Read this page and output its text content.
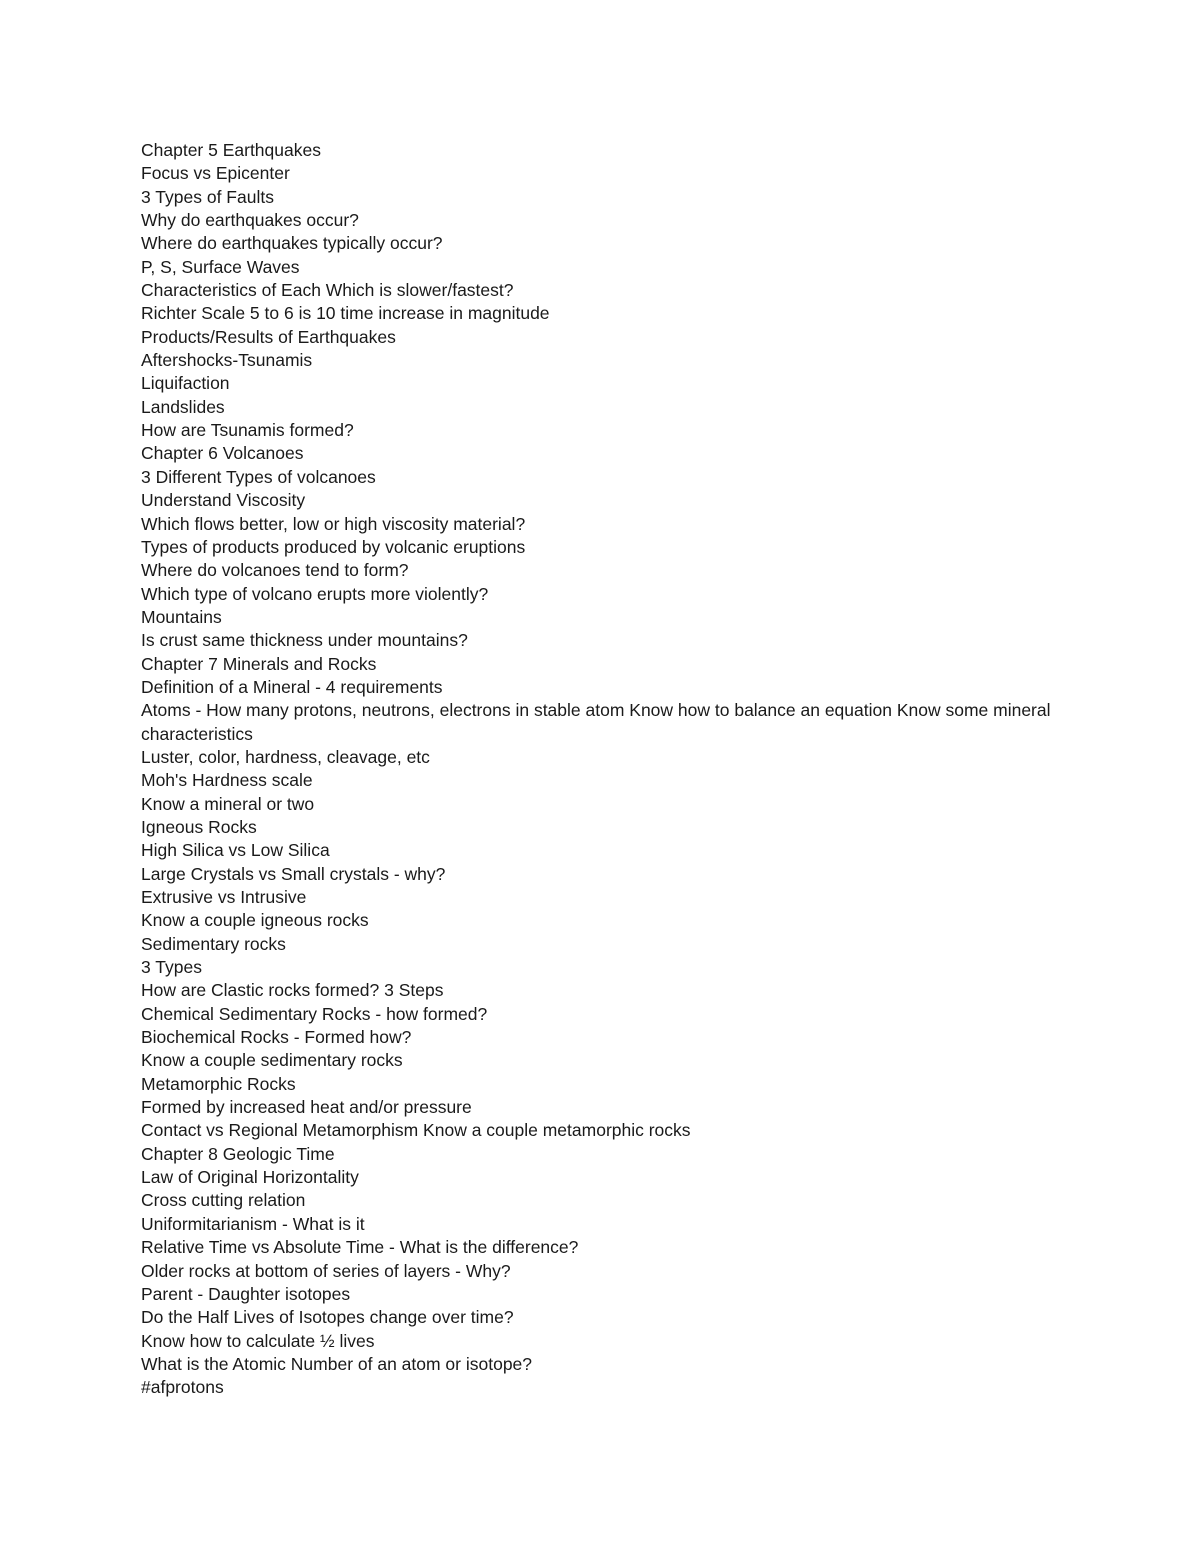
Chapter 5 Earthquakes
Focus vs Epicenter
3 Types of Faults
Why do earthquakes occur?
Where do earthquakes typically occur?
P, S, Surface Waves
Characteristics of Each Which is slower/fastest?
Richter Scale 5 to 6 is 10 time increase in magnitude
Products/Results of Earthquakes
Aftershocks-Tsunamis
Liquifaction
Landslides
How are Tsunamis formed?
Chapter 6 Volcanoes
3 Different Types of volcanoes
Understand Viscosity
Which flows better, low or high viscosity material?
Types of products produced by volcanic eruptions
Where do volcanoes tend to form?
Which type of volcano erupts more violently?
Mountains
Is crust same thickness under mountains?
Chapter 7 Minerals and Rocks
Definition of a Mineral - 4 requirements
Atoms - How many protons, neutrons, electrons in stable atom Know how to balance an equation Know some mineral characteristics
Luster, color, hardness, cleavage, etc
Moh's Hardness scale
Know a mineral or two
Igneous Rocks
High Silica vs Low Silica
Large Crystals vs Small crystals - why?
Extrusive vs Intrusive
Know a couple igneous rocks
Sedimentary rocks
3 Types
How are Clastic rocks formed? 3 Steps
Chemical Sedimentary Rocks - how formed?
Biochemical Rocks - Formed how?
Know a couple sedimentary rocks
Metamorphic Rocks
Formed by increased heat and/or pressure
Contact vs Regional Metamorphism Know a couple metamorphic rocks
Chapter 8 Geologic Time
Law of Original Horizontality
Cross cutting relation
Uniformitarianism - What is it
Relative Time vs Absolute Time - What is the difference?
Older rocks at bottom of series of layers - Why?
Parent - Daughter isotopes
Do the Half Lives of Isotopes change over time?
Know how to calculate ½ lives
What is the Atomic Number of an atom or isotope?
#afprotons
